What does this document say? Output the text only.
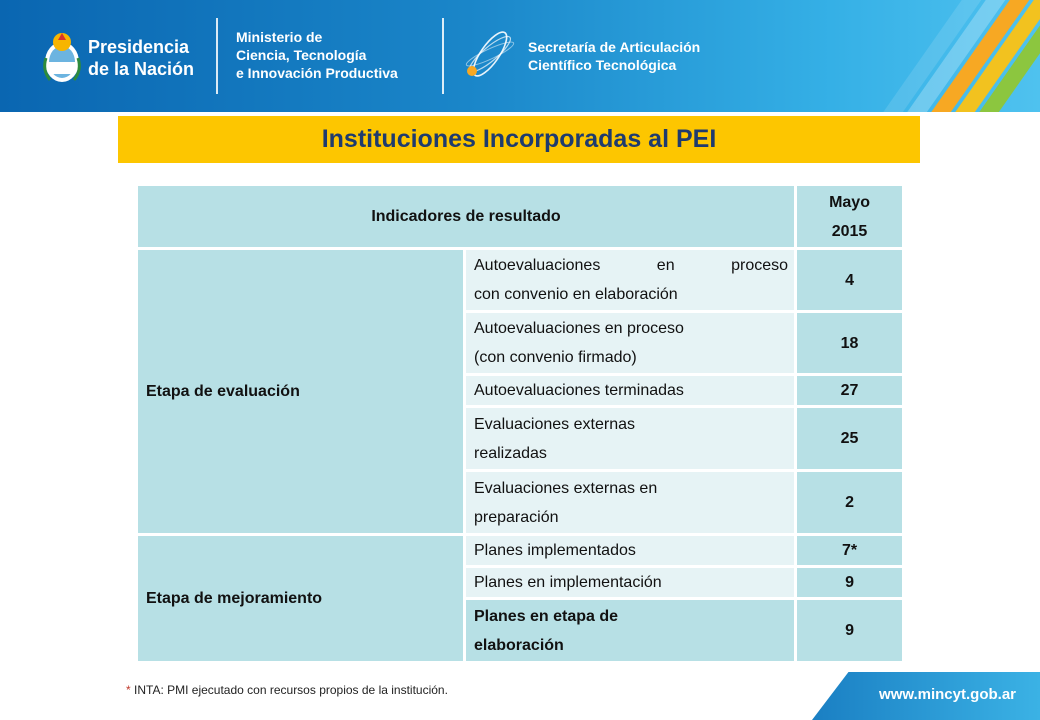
Presidencia
de la Nación
Ministerio de
Ciencia, Tecnología
e Innovación Productiva
Secretaría de Articulación
Científico Tecnológica
Instituciones Incorporadas al PEI
Indicadores de resultado		Mayo
2015

Etapa de evaluación	Autoevaluaciones en proceso
con convenio en elaboración	4

	Autoevaluaciones en proceso
(con convenio firmado)	18
	Autoevaluaciones terminadas	27

	Evaluaciones externas
realizadas	25

	Evaluaciones externas en
preparación	2
Etapa de mejoramiento	Planes implementados	7*
	Planes en implementación	9

	Planes en etapa de
elaboración	9
* INTA: PMI ejecutado con recursos propios de la institución.	www.mincyt.gob.ar
